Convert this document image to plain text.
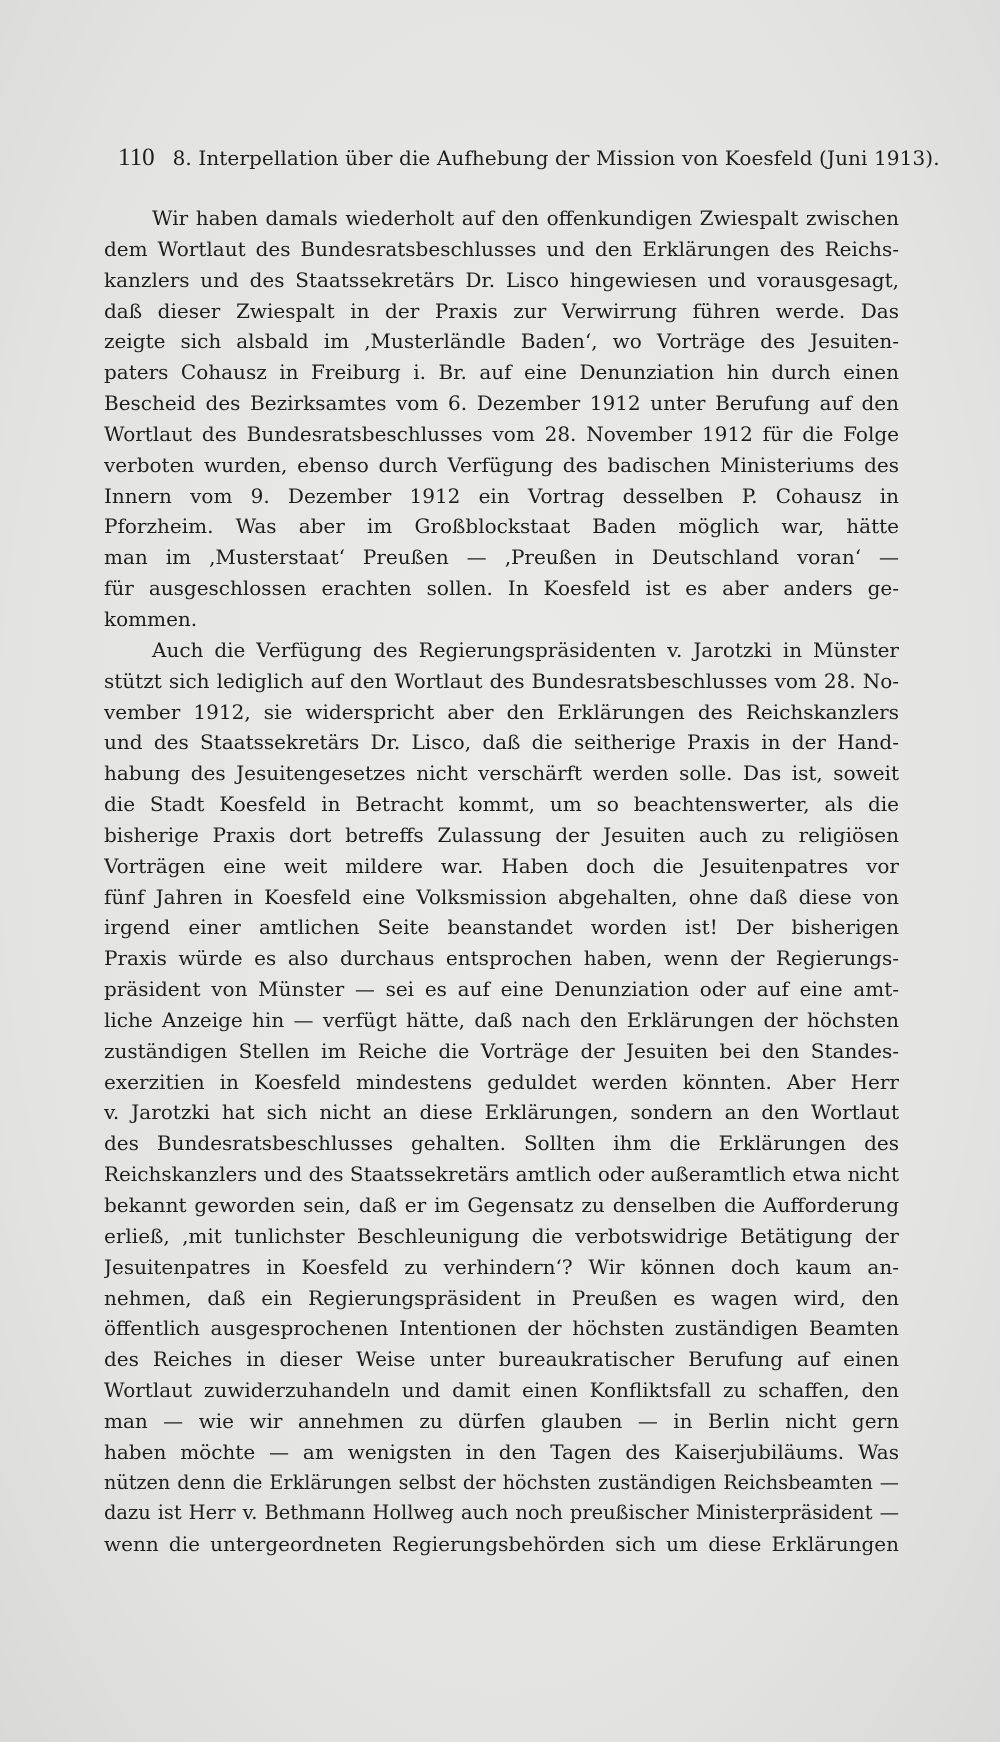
110 8. Interpellation über die Aufhebung der Mission von Koesfeld (Juni 1913).
Wir haben damals wiederholt auf den offenkundigen Zwiespalt zwischen
dem Wortlaut des Bundesratsbeschlusses und den Erklärungen des Reichs-
kanzlers und des Staatssekretärs Dr. Lisco hingewiesen und vorausgesagt,
daß dieser Zwiespalt in der Praxis zur Verwirrung führen werde. Das
zeigte sich alsbald im ‚Musterländle Baden‘, wo Vorträge des Jesuiten-
paters Cohausz in Freiburg i. Br. auf eine Denunziation hin durch einen
Bescheid des Bezirksamtes vom 6. Dezember 1912 unter Berufung auf den
Wortlaut des Bundesratsbeschlusses vom 28. November 1912 für die Folge
verboten wurden, ebenso durch Verfügung des badischen Ministeriums des
Innern vom 9. Dezember 1912 ein Vortrag desselben P. Cohausz in
Pforzheim. Was aber im Großblockstaat Baden möglich war, hätte
man im ‚Musterstaat‘ Preußen — ‚Preußen in Deutschland voran‘ —
für ausgeschlossen erachten sollen. In Koesfeld ist es aber anders ge-
kommen.
Auch die Verfügung des Regierungspräsidenten v. Jarotzki in Münster
stützt sich lediglich auf den Wortlaut des Bundesratsbeschlusses vom 28. No-
vember 1912, sie widerspricht aber den Erklärungen des Reichskanzlers
und des Staatssekretärs Dr. Lisco, daß die seitherige Praxis in der Hand-
habung des Jesuitengesetzes nicht verschärft werden solle. Das ist, soweit
die Stadt Koesfeld in Betracht kommt, um so beachtenswerter, als die
bisherige Praxis dort betreffs Zulassung der Jesuiten auch zu religiösen
Vorträgen eine weit mildere war. Haben doch die Jesuitenpatres vor
fünf Jahren in Koesfeld eine Volksmission abgehalten, ohne daß diese von
irgend einer amtlichen Seite beanstandet worden ist! Der bisherigen
Praxis würde es also durchaus entsprochen haben, wenn der Regierungs-
präsident von Münster — sei es auf eine Denunziation oder auf eine amt-
liche Anzeige hin — verfügt hätte, daß nach den Erklärungen der höchsten
zuständigen Stellen im Reiche die Vorträge der Jesuiten bei den Standes-
exerzitien in Koesfeld mindestens geduldet werden könnten. Aber Herr
v. Jarotzki hat sich nicht an diese Erklärungen, sondern an den Wortlaut
des Bundesratsbeschlusses gehalten. Sollten ihm die Erklärungen des
Reichskanzlers und des Staatssekretärs amtlich oder außeramtlich etwa nicht
bekannt geworden sein, daß er im Gegensatz zu denselben die Aufforderung
erließ, ‚mit tunlichster Beschleunigung die verbotswidrige Betätigung der
Jesuitenpatres in Koesfeld zu verhindern‘? Wir können doch kaum an-
nehmen, daß ein Regierungspräsident in Preußen es wagen wird, den
öffentlich ausgesprochenen Intentionen der höchsten zuständigen Beamten
des Reiches in dieser Weise unter bureaukratischer Berufung auf einen
Wortlaut zuwiderzuhandeln und damit einen Konfliktsfall zu schaffen, den
man — wie wir annehmen zu dürfen glauben — in Berlin nicht gern
haben möchte — am wenigsten in den Tagen des Kaiserjubiläums. Was
nützen denn die Erklärungen selbst der höchsten zuständigen Reichsbeamten —
dazu ist Herr v. Bethmann Hollweg auch noch preußischer Ministerpräsident —
wenn die untergeordneten Regierungsbehörden sich um diese Erklärungen
